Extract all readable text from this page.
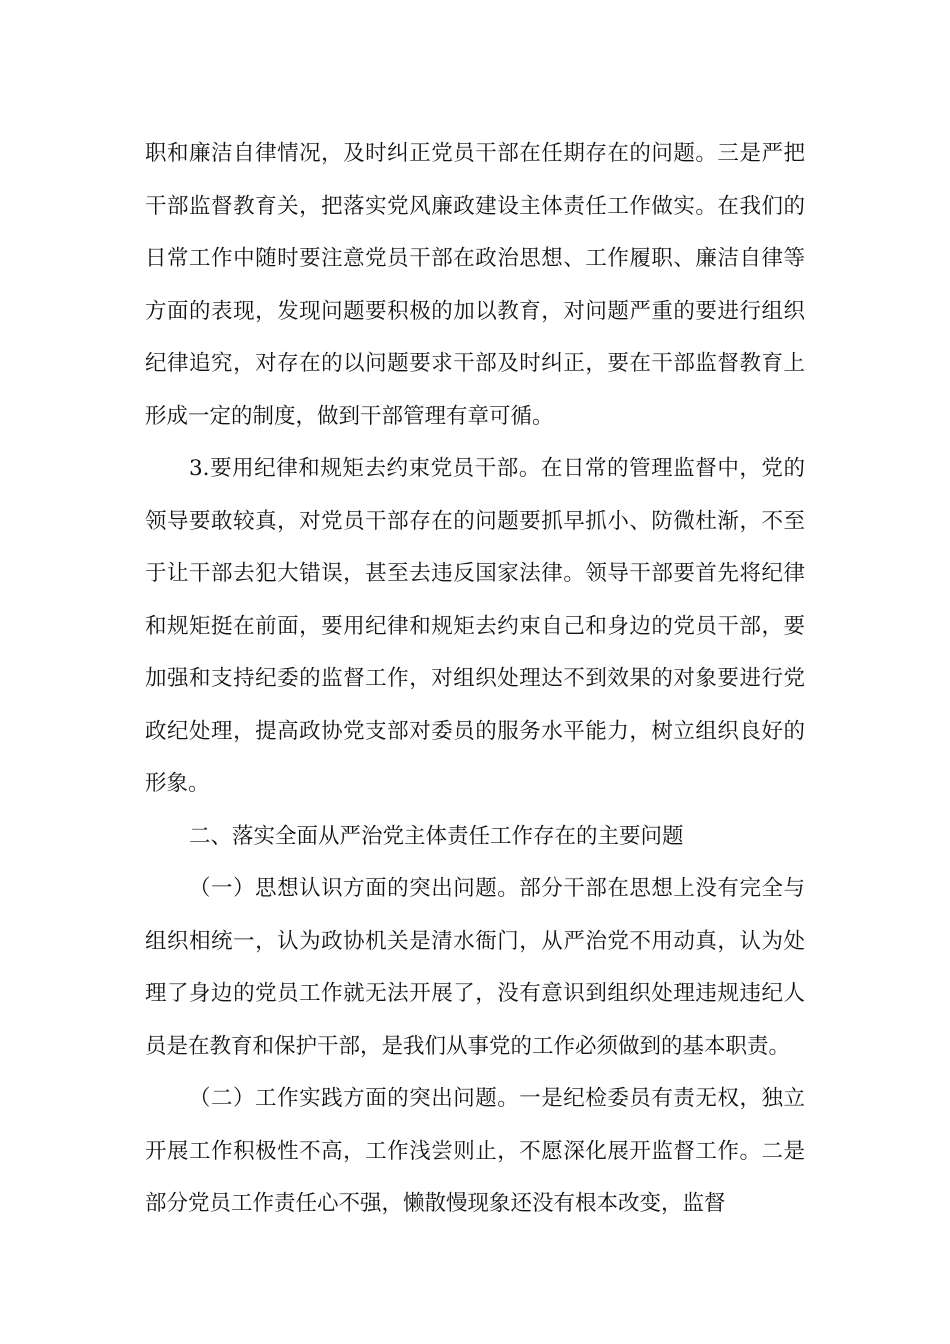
职和廉洁自律情况，及时纠正党员干部在任期存在的问题。三是严把干部监督教育关，把落实党风廉政建设主体责任工作做实。在我们的日常工作中随时要注意党员干部在政治思想、工作履职、廉洁自律等方面的表现，发现问题要积极的加以教育，对问题严重的要进行组织纪律追究，对存在的以问题要求干部及时纠正，要在干部监督教育上形成一定的制度，做到干部管理有章可循。

3.要用纪律和规矩去约束党员干部。在日常的管理监督中，党的领导要敢较真，对党员干部存在的问题要抓早抓小、防微杜渐，不至于让干部去犯大错误，甚至去违反国家法律。领导干部要首先将纪律和规矩挺在前面，要用纪律和规矩去约束自己和身边的党员干部，要加强和支持纪委的监督工作，对组织处理达不到效果的对象要进行党政纪处理，提高政协党支部对委员的服务水平能力，树立组织良好的形象。

二、落实全面从严治党主体责任工作存在的主要问题

（一）思想认识方面的突出问题。部分干部在思想上没有完全与组织相统一，认为政协机关是清水衙门，从严治党不用动真，认为处理了身边的党员工作就无法开展了，没有意识到组织处理违规违纪人员是在教育和保护干部，是我们从事党的工作必须做到的基本职责。

（二）工作实践方面的突出问题。一是纪检委员有责无权，独立开展工作积极性不高，工作浅尝则止，不愿深化展开监督工作。二是部分党员工作责任心不强，懒散慢现象还没有根本改变，监督
